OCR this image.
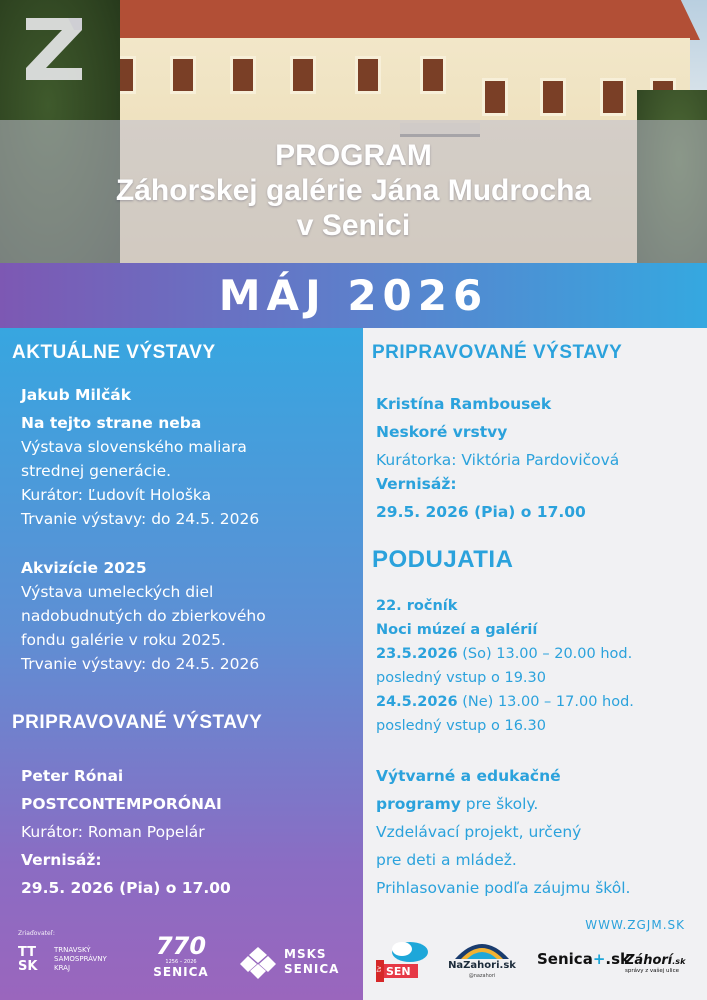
PROGRAM
Záhorskej galérie Jána Mudrocha
v Senici
MÁJ 2026
AKTUÁLNE VÝSTAVY
Jakub Milčák
Na tejto strane neba
Výstava slovenského maliara
strednej generácie.
Kurátor: Ľudovít Hološka
Trvanie výstavy: do 24.5. 2026
Akvizície 2025
Výstava umeleckých diel
nadobudnutých do zbierkového
fondu galérie v roku 2025.
Trvanie výstavy: do 24.5. 2026
PRIPRAVOVANÉ VÝSTAVY
Peter Rónai
POSTCONTEMPORÓNAI
Kurátor: Roman Popelár
Vernisáž:
29.5. 2026 (Pia) o 17.00
PRIPRAVOVANÉ VÝSTAVY
Kristína Rambousek
Neskoré vrstvy
Kurátorka: Viktória Pardovičová
Vernisáž:
29.5. 2026 (Pia) o 17.00
PODUJATIA
22. ročník
Noci múzeí a galérií
23.5.2026 (So) 13.00 – 20.00 hod.
posledný vstup o 19.30
24.5.2026 (Ne) 13.00 – 17.00 hod.
posledný vstup o 16.30
Výtvarné a edukačné
programy pre školy.
Vzdelávací projekt, určený
pre deti a mládež.
Prihlasovanie podľa záujmu škôl.
WWW.ZGJM.SK
Zriaďovateľ:
TT
SK
TRNAVSKÝ
SAMOSPRÁVNY
KRAJ
770
1256 – 2026
SENICA
MSKS
SENICA	tv SEN	NaZahori.sk
@nazahori
Senica+.sk
Záhorí.sk
správy z vašej ulice
